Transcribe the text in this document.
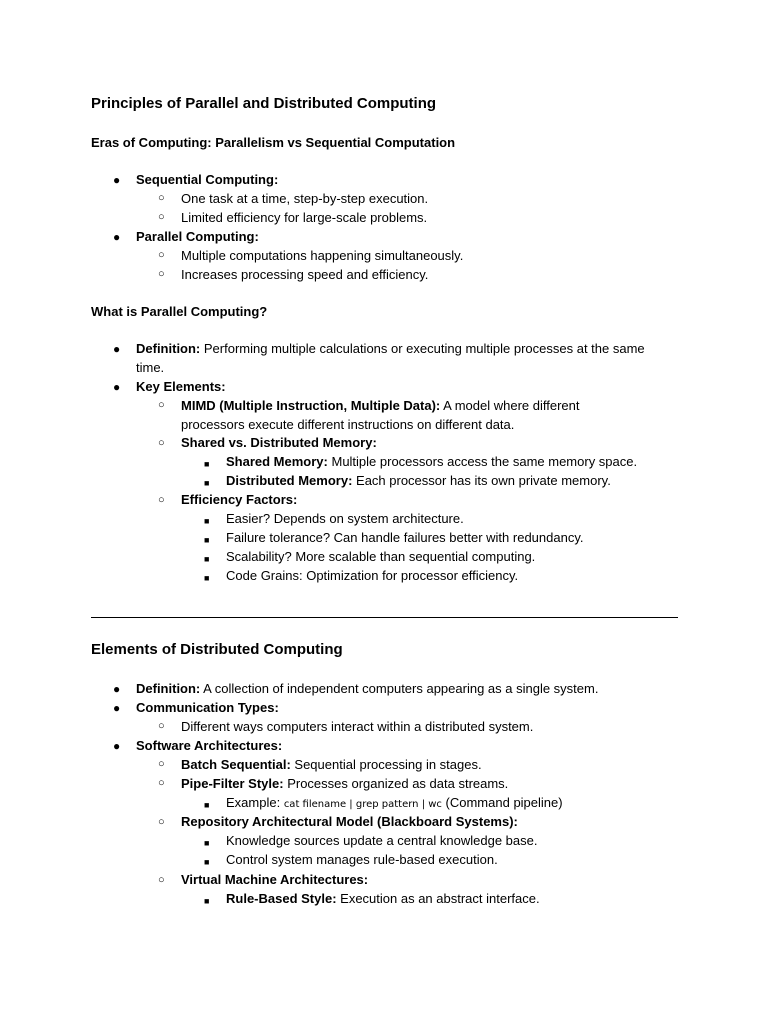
Principles of Parallel and Distributed Computing
Eras of Computing: Parallelism vs Sequential Computation
● Sequential Computing:
○ One task at a time, step-by-step execution.
○ Limited efficiency for large-scale problems.
● Parallel Computing:
○ Multiple computations happening simultaneously.
○ Increases processing speed and efficiency.
What is Parallel Computing?
● Definition: Performing multiple calculations or executing multiple processes at the same
time.
● Key Elements:
○ MIMD (Multiple Instruction, Multiple Data): A model where different
processors execute different instructions on different data.
○ Shared vs. Distributed Memory:
■ Shared Memory: Multiple processors access the same memory space.
■ Distributed Memory: Each processor has its own private memory.
○ Efficiency Factors:
■ Easier? Depends on system architecture.
■ Failure tolerance? Can handle failures better with redundancy.
■ Scalability? More scalable than sequential computing.
■ Code Grains: Optimization for processor efficiency.
Elements of Distributed Computing
● Definition: A collection of independent computers appearing as a single system.
● Communication Types:
○ Different ways computers interact within a distributed system.
● Software Architectures:
○ Batch Sequential: Sequential processing in stages.
○ Pipe-Filter Style: Processes organized as data streams.
■ Example: cat filename | grep pattern | wc (Command pipeline)
○ Repository Architectural Model (Blackboard Systems):
■ Knowledge sources update a central knowledge base.
■ Control system manages rule-based execution.
○ Virtual Machine Architectures:
■ Rule-Based Style: Execution as an abstract interface.
